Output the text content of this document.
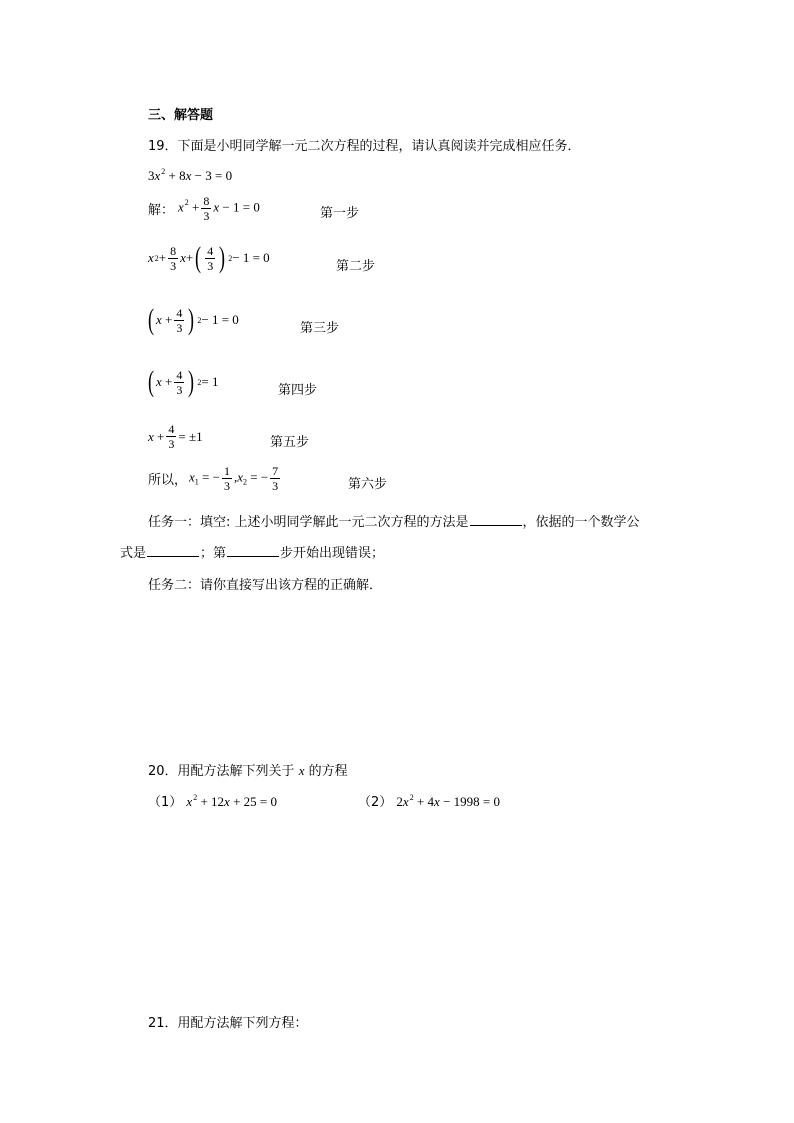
三、解答题
19．下面是小明同学解一元二次方程的过程，请认真阅读并完成相应任务．
$3x^2 + 8x - 3 = 0$
解： $x^2 + \frac{8}{3}$ x − 1 = 0	第一步
x $2 + \frac{8}{3}$ x + ( $\frac{4}{3}$ ) 2 − 1 = 0
第二步
( $x + \frac{4}{3}$ ) 2 − 1 = 0
第三步
( $x + \frac{4}{3}$ ) 2 = 1
第四步
$x + \frac{4}{3} = \pm 1$	第五步
所以， $x_1$ = − $\frac{1}{3} ,x_2$ = − $\frac{7}{3}$	第六步
任务一：填空: 上述小明同学解此一元二次方程的方法是	，依据的一个数学公
式是	；第	步开始出现错误；
任务二：请你直接写出该方程的正确解．
20．用配方法解下列关于 x 的方程
（1） $x^2 + 12x + 25 = 0$	（2） $2x^2 + 4x - 1998 = 0$
21．用配方法解下列方程：
